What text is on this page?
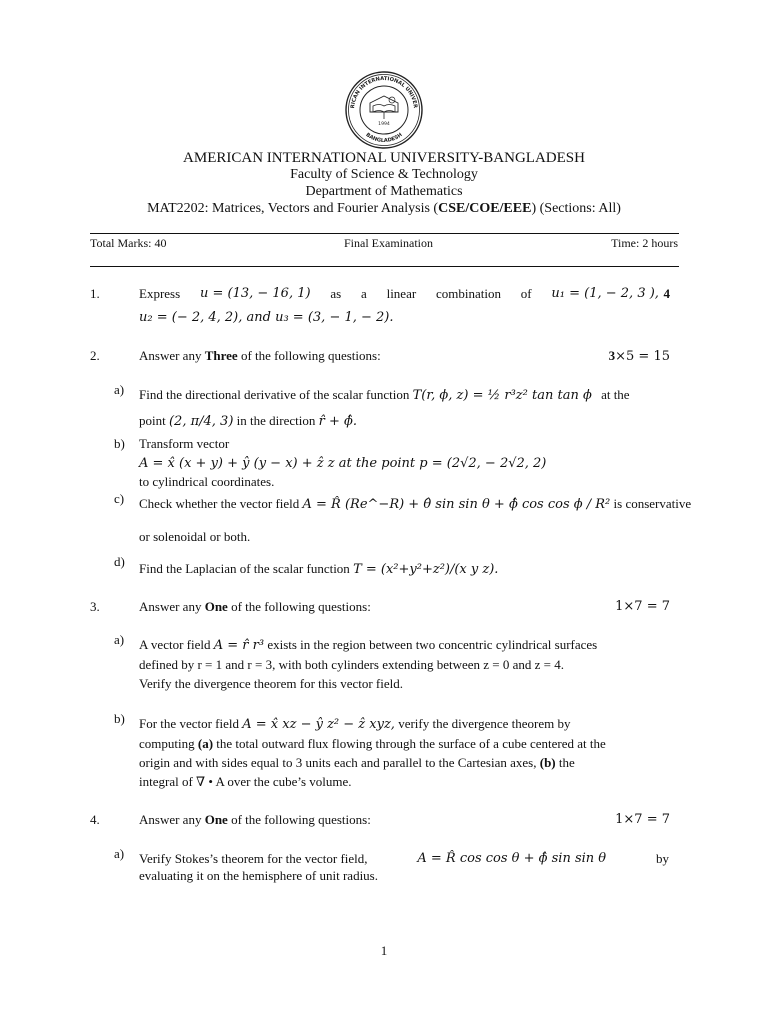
RICAN INTERNATIONAL UNIVER
BANGLADESH
1994
AMERICAN INTERNATIONAL UNIVERSITY-BANGLADESH
Faculty of Science & Technology
Department of Mathematics
MAT2202: Matrices, Vectors and Fourier Analysis (CSE/COE/EEE) (Sections: All)
Total Marks: 40	Final Examination	Time: 2 hours
1.	Express u = (13, − 16, 1) as a linear combination of u₁ = (1, − 2, 3 ), 4
u₂ = (− 2, 4, 2), and u₃ = (3, − 1, − 2).
2.	Answer any Three of the following questions:	3×5 = 15
a) Find the directional derivative of the scalar function T(r, ϕ, z) = ½ r³z² tan tan ϕ at the
point (2, π/4, 3) in the direction r̂ + ϕ̂.
b) Transform vector
A = x̂ (x + y) + ŷ (y − x) + ẑ z at the point p = (2√2, − 2√2, 2)
to cylindrical coordinates.
c) Check whether the vector field A = R̂ (Re^−R) + θ̂ sin sin θ + ϕ̂ cos cos ϕ / R² is conservative
or solenoidal or both.
d) Find the Laplacian of the scalar function T = (x²+y²+z²)/(x y z).
3.	Answer any One of the following questions:	1×7 = 7
a) A vector field A = r̂ r³ exists in the region between two concentric cylindrical surfaces
defined by r = 1 and r = 3, with both cylinders extending between z = 0 and z = 4.
Verify the divergence theorem for this vector field.
b) For the vector field A = x̂ xz − ŷ z² − ẑ xyz, verify the divergence theorem by
computing (a) the total outward flux flowing through the surface of a cube centered at the
origin and with sides equal to 3 units each and parallel to the Cartesian axes, (b) the
integral of ∇ • A over the cube’s volume.
4.	Answer any One of the following questions:	1×7 = 7
a) Verify Stokes’s theorem for the vector field,	A = R̂ cos cos θ + ϕ̂ sin sin θ	by
evaluating it on the hemisphere of unit radius.
1
